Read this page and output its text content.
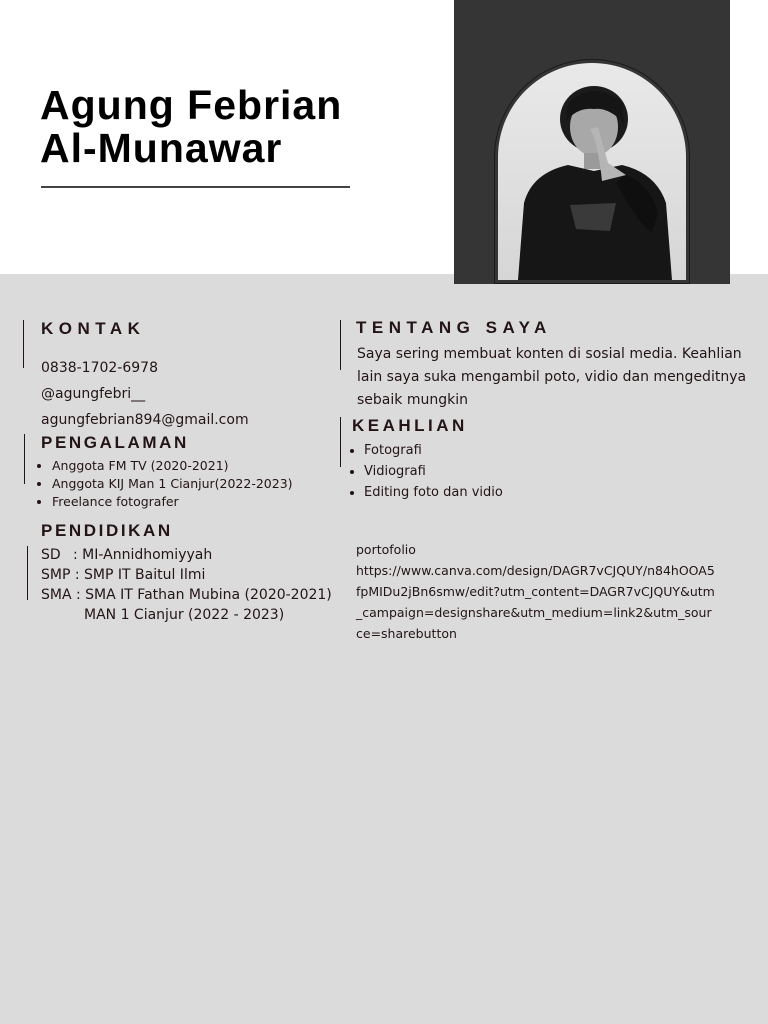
Agung Febrian
Al-Munawar
KONTAK
0838-1702-6978
@agungfebri__
agungfebrian894@gmail.com
PENGALAMAN
• Anggota FM TV (2020-2021)
• Anggota KIJ Man 1 Cianjur(2022-2023)
• Freelance fotografer
PENDIDIKAN
SD : MI-Annidhomiyyah
SMP : SMP IT Baitul Ilmi
SMA : SMA IT Fathan Mubina (2020-2021)
MAN 1 Cianjur (2022 - 2023)
TENTANG SAYA

Saya sering membuat konten di sosial media. Keahlian lain saya suka mengambil poto, vidio dan mengeditnya sebaik mungkin

KEAHLIAN
• Fotografi
• Vidiografi
• Editing foto dan vidio
portofolio
https://www.canva.com/design/DAGR7vCJQUY/n84hOOA5fpMIDu2jBn6smw/edit?utm_content=DAGR7vCJQUY&utm_campaign=designshare&utm_medium=link2&utm_source=sharebutton
